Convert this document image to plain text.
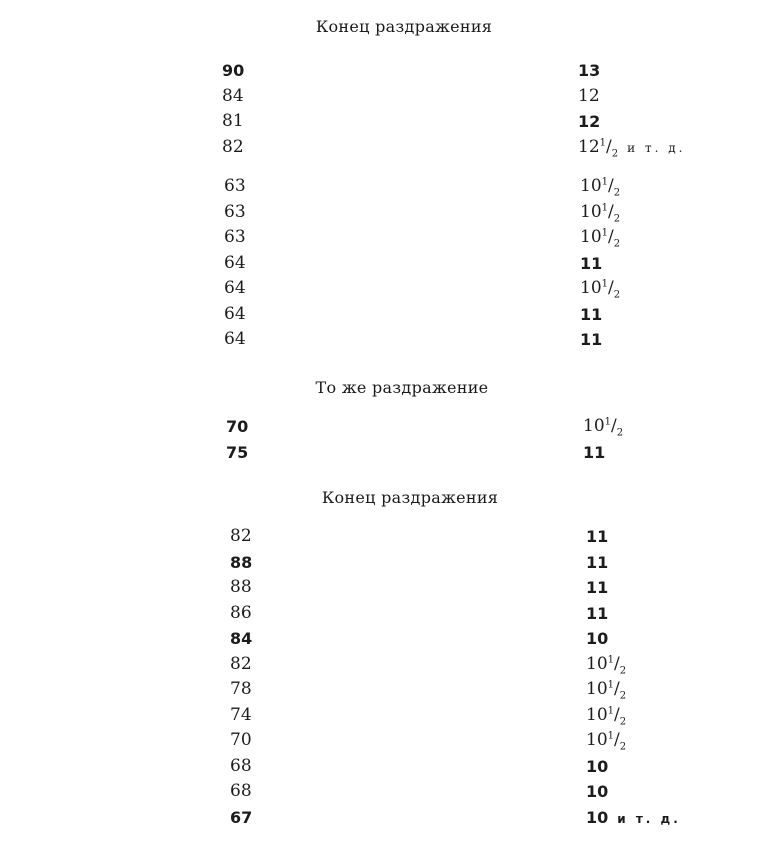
Конец раздражения
90	13
84	12
81	12
82	$12^1/_2$ и т. д.
63	$10^1/_2$
63	$10^1/_2$
63	$10^1/_2$
64	11
64	$10^1/_2$
64	11
64	11
То же раздражение
70	$10^1/_2$
75	11
Конец раздражения
82	11
88	11
88	11
86	11
84	10
82	$10^1/_2$
78	$10^1/_2$
74	$10^1/_2$
70	$10^1/_2$
68	10
68	10
67	10 и т. д.
